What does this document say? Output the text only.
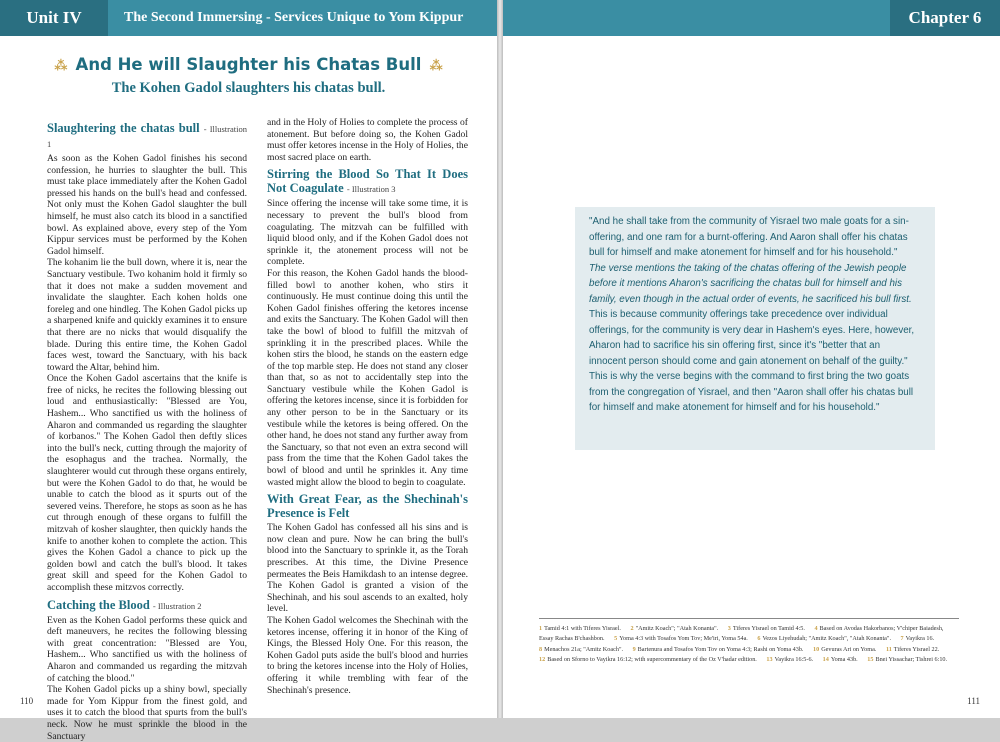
Unit IV	The Second Immersing - Services Unique to Yom Kippur
⁂ And He will Slaughter his Chatas Bull ⁂
The Kohen Gadol slaughters his chatas bull.
Slaughtering the chatas bull - Illustration 1

As soon as the Kohen Gadol finishes his second confession, he hurries to slaughter the bull. This must take place immediately after the Kohen Gadol pressed his hands on the bull's head and confessed. Not only must the Kohen Gadol slaughter the bull himself, he must also catch its blood in a sanctified bowl. As explained above, every step of the Yom Kippur services must be performed by the Kohen Gadol himself.

The kohanim lie the bull down, where it is, near the Sanctuary vestibule. Two kohanim hold it firmly so that it does not make a sudden movement and invalidate the slaughter. Each kohen holds one foreleg and one hindleg. The Kohen Gadol picks up a sharpened knife and quickly examines it to ensure that there are no nicks that would disqualify the blade. During this entire time, the Kohen Gadol faces west, toward the Sanctuary, with his back toward the Altar, behind him.

Once the Kohen Gadol ascertains that the knife is free of nicks, he recites the following blessing out loud and enthusiastically: "Blessed are You, Hashem... Who sanctified us with the holiness of Aharon and commanded us regarding the slaughter of korbanos." The Kohen Gadol then deftly slices into the bull's neck, cutting through the majority of the esophagus and the trachea. Normally, the slaughterer would cut through these organs entirely, but were the Kohen Gadol to do that, he would be unable to catch the blood as it spurts out of the severed veins. Therefore, he stops as soon as he has cut through enough of these organs to fulfill the mitzvah of kosher slaughter, then quickly hands the knife to another kohen to complete the action. This gives the Kohen Gadol a chance to pick up the golden bowl and catch the bull's blood. It takes great skill and speed for the Kohen Gadol to accomplish these mitzvos correctly.

Catching the Blood - Illustration 2

Even as the Kohen Gadol performs these quick and deft maneuvers, he recites the following blessing with great concentration: "Blessed are You, Hashem... Who sanctified us with the holiness of Aharon and commanded us regarding the mitzvah of catching the blood."

The Kohen Gadol picks up a shiny bowl, specially made for Yom Kippur from the finest gold, and uses it to catch the blood that spurts from the bull's neck. Now he must sprinkle the blood in the Sanctuary

and in the Holy of Holies to complete the process of atonement. But before doing so, the Kohen Gadol must offer ketores incense in the Holy of Holies, the most sacred place on earth.

Stirring the Blood So That It Does Not Coagulate - Illustration 3

Since offering the incense will take some time, it is necessary to prevent the bull's blood from coagulating. The mitzvah can be fulfilled with liquid blood only, and if the Kohen Gadol does not sprinkle it, the atonement process will not be complete.

For this reason, the Kohen Gadol hands the blood-filled bowl to another kohen, who stirs it continuously. He must continue doing this until the Kohen Gadol finishes offering the ketores incense and exits the Sanctuary. The Kohen Gadol will then take the bowl of blood to fulfill the mitzvah of sprinkling it in the prescribed places. While the kohen stirs the blood, he stands on the eastern edge of the top marble step. He does not stand any closer than that, so as not to accidentally step into the Sanctuary vestibule while the Kohen Gadol is offering the ketores incense, since it is forbidden for any other person to be in the Sanctuary or its vestibule while the ketores is being offered. On the other hand, he does not stand any further away from the Sanctuary, so that not even an extra second will pass from the time that the Kohen Gadol takes the bowl of blood and until he sprinkles it. Any time wasted might allow the blood to begin to coagulate.

With Great Fear, as the Shechinah's Presence is Felt

The Kohen Gadol has confessed all his sins and is now clean and pure. Now he can bring the bull's blood into the Sanctuary to sprinkle it, as the Torah prescribes. At this time, the Divine Presence permeates the Beis Hamikdash to an intense degree. The Kohen Gadol is granted a vision of the Shechinah, and his soul ascends to an exalted, holy level.

The Kohen Gadol welcomes the Shechinah with the ketores incense, offering it in honor of the King of Kings, the Blessed Holy One. For this reason, the Kohen Gadol puts aside the bull's blood and hurries to bring the ketores incense into the Holy of Holies, offering it while trembling with fear of the Shechinah's presence.

110
Chapter 6

"And he shall take from the community of Yisrael two male goats for a sin-offering, and one ram for a burnt-offering. And Aaron shall offer his chatas bull for himself and make atonement for himself and for his household."

The verse mentions the taking of the chatas offering of the Jewish people before it mentions Aharon's sacrificing the chatas bull for himself and his family, even though in the actual order of events, he sacrificed his bull first.

This is because community offerings take precedence over individual offerings, for the community is very dear in Hashem's eyes. Here, however, Aharon had to sacrifice his sin offering first, since it's "better that an innocent person should come and gain atonement on behalf of the guilty."

This is why the verse begins with the command to first bring the two goats from the congregation of Yisrael, and then "Aaron shall offer his chatas bull for himself and make atonement for himself and for his household."

1 Tamid 4:1 with Tiferes Yisrael. 2 "Amitz Koach"; "Atah Konanta". 3 Tiferes Yisrael on Tamid 4:5. 4 Based on Avodas Hakorbanos; V'chiper Baiadesh, Essay Rachas B'chashbon. 5 Yoma 4:3 with Tosafos Yom Tov; Me'iri, Yoma 54a. 6 Vezos Liyehudah; "Amitz Koach", "Atah Konanta". 7 Vayikra 16. 8 Menachos 21a; "Amitz Koach". 9 Bartenura and Tosafos Yom Tov on Yoma 4:3; Rashi on Yoma 43b. 10 Gevuras Ari on Yoma. 11 Tiferes Yisrael 22. 12 Based on Sforno to Vayikra 16:12; with supercommentary of the Oz V'hadar edition. 13 Vayikra 16:5-6. 14 Yoma 43b. 15 Bnei Yissachar; Tishrei 6:10.
111
